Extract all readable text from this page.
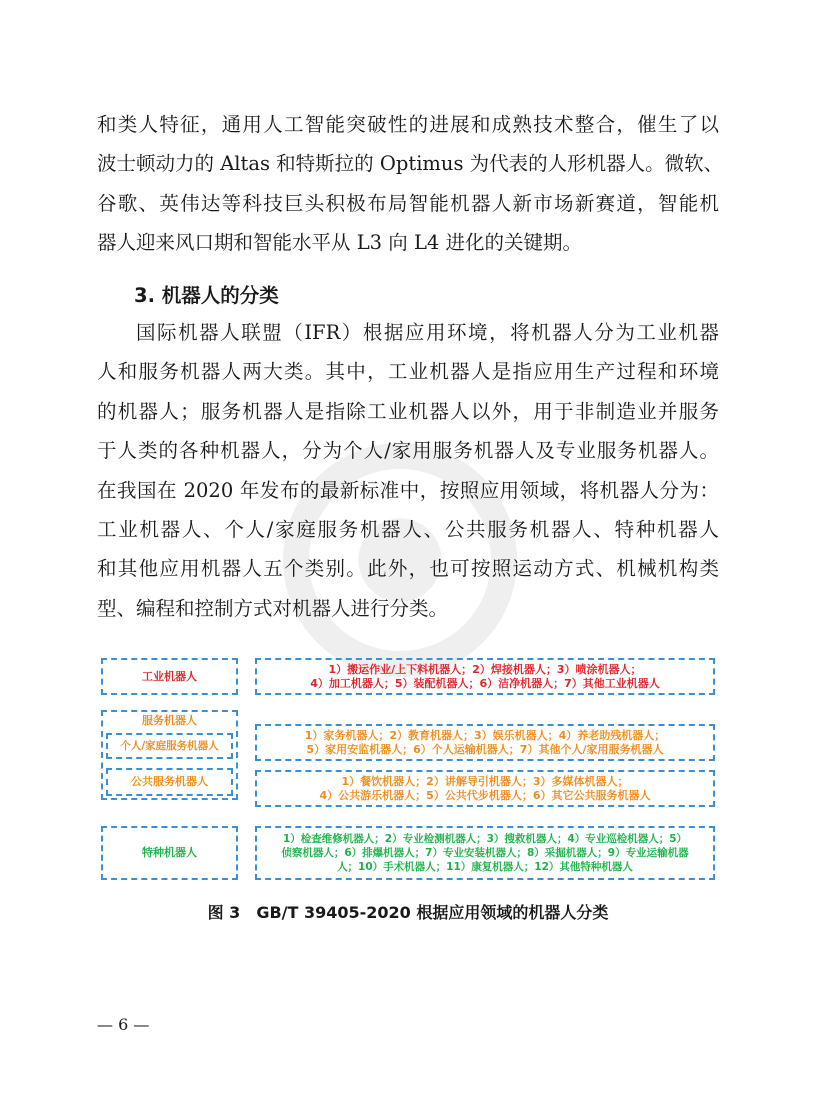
和类人特征，通用人工智能突破性的进展和成熟技术整合，催生了以
波士顿动力的 Altas 和特斯拉的 Optimus 为代表的人形机器人。微软、
谷歌、英伟达等科技巨头积极布局智能机器人新市场新赛道，智能机
器人迎来风口期和智能水平从 L3 向 L4 进化的关键期。

3. 机器人的分类

国际机器人联盟（IFR）根据应用环境，将机器人分为工业机器
人和服务机器人两大类。其中，工业机器人是指应用生产过程和环境
的机器人；服务机器人是指除工业机器人以外，用于非制造业并服务
于人类的各种机器人，分为个人/家用服务机器人及专业服务机器人。
在我国在 2020 年发布的最新标准中，按照应用领域，将机器人分为：
工业机器人、个人/家庭服务机器人、公共服务机器人、特种机器人
和其他应用机器人五个类别。此外，也可按照运动方式、机械机构类
型、编程和控制方式对机器人进行分类。
工业机器人
1）搬运作业/上下料机器人；2）焊接机器人；3）喷涂机器人；
4）加工机器人；5）装配机器人；6）洁净机器人；7）其他工业机器人
服务机器人
个人/家庭服务机器人
公共服务机器人
1）家务机器人；2）教育机器人；3）娱乐机器人；4）养老助残机器人；
5）家用安监机器人；6）个人运输机器人；7）其他个人/家用服务机器人
1）餐饮机器人；2）讲解导引机器人；3）多媒体机器人；
4）公共游乐机器人；5）公共代步机器人；6）其它公共服务机器人
特种机器人
1）检查维修机器人；2）专业检测机器人；3）搜救机器人；4）专业巡检机器人；5）
侦察机器人；6）排爆机器人；7）专业安装机器人；8）采掘机器人；9）专业运输机器
人；10）手术机器人；11）康复机器人；12）其他特种机器人

图 3　GB/T 39405-2020 根据应用领域的机器人分类

— 6 —
